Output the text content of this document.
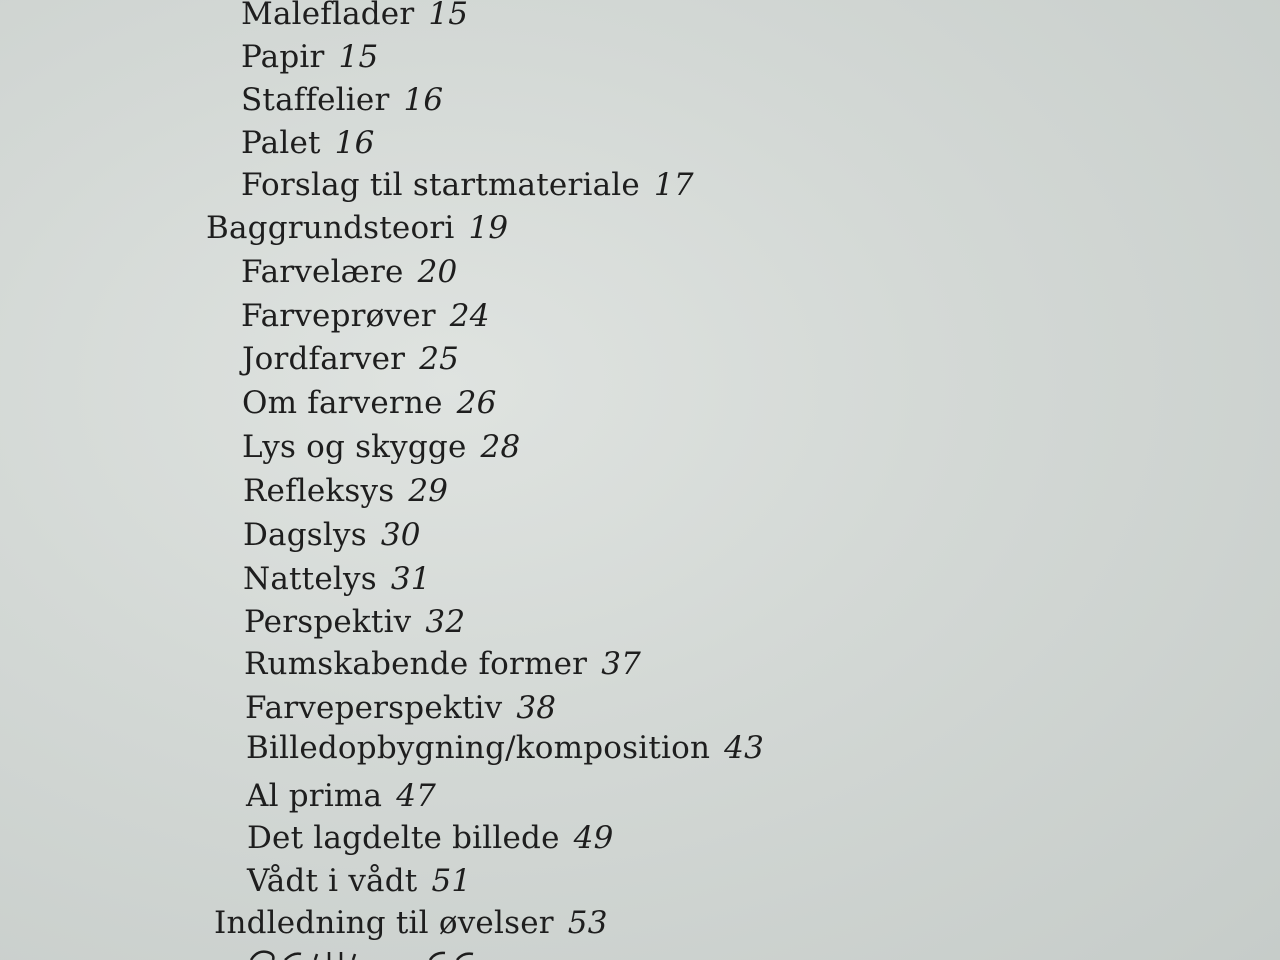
Maleflader 15
Papir 15
Staffelier 16
Palet 16
Forslag til startmateriale 17
Baggrundsteori 19
Farvelære 20
Farveprøver 24
Jordfarver 25
Om farverne 26
Lys og skygge 28
Refleksys 29
Dagslys 30
Nattelys 31
Perspektiv 32
Rumskabende former 37
Farveperspektiv 38
Billedopbygning/komposition 43
Al prima 47
Det lagdelte billede 49
Vådt i vådt 51
Indledning til øvelser 53
